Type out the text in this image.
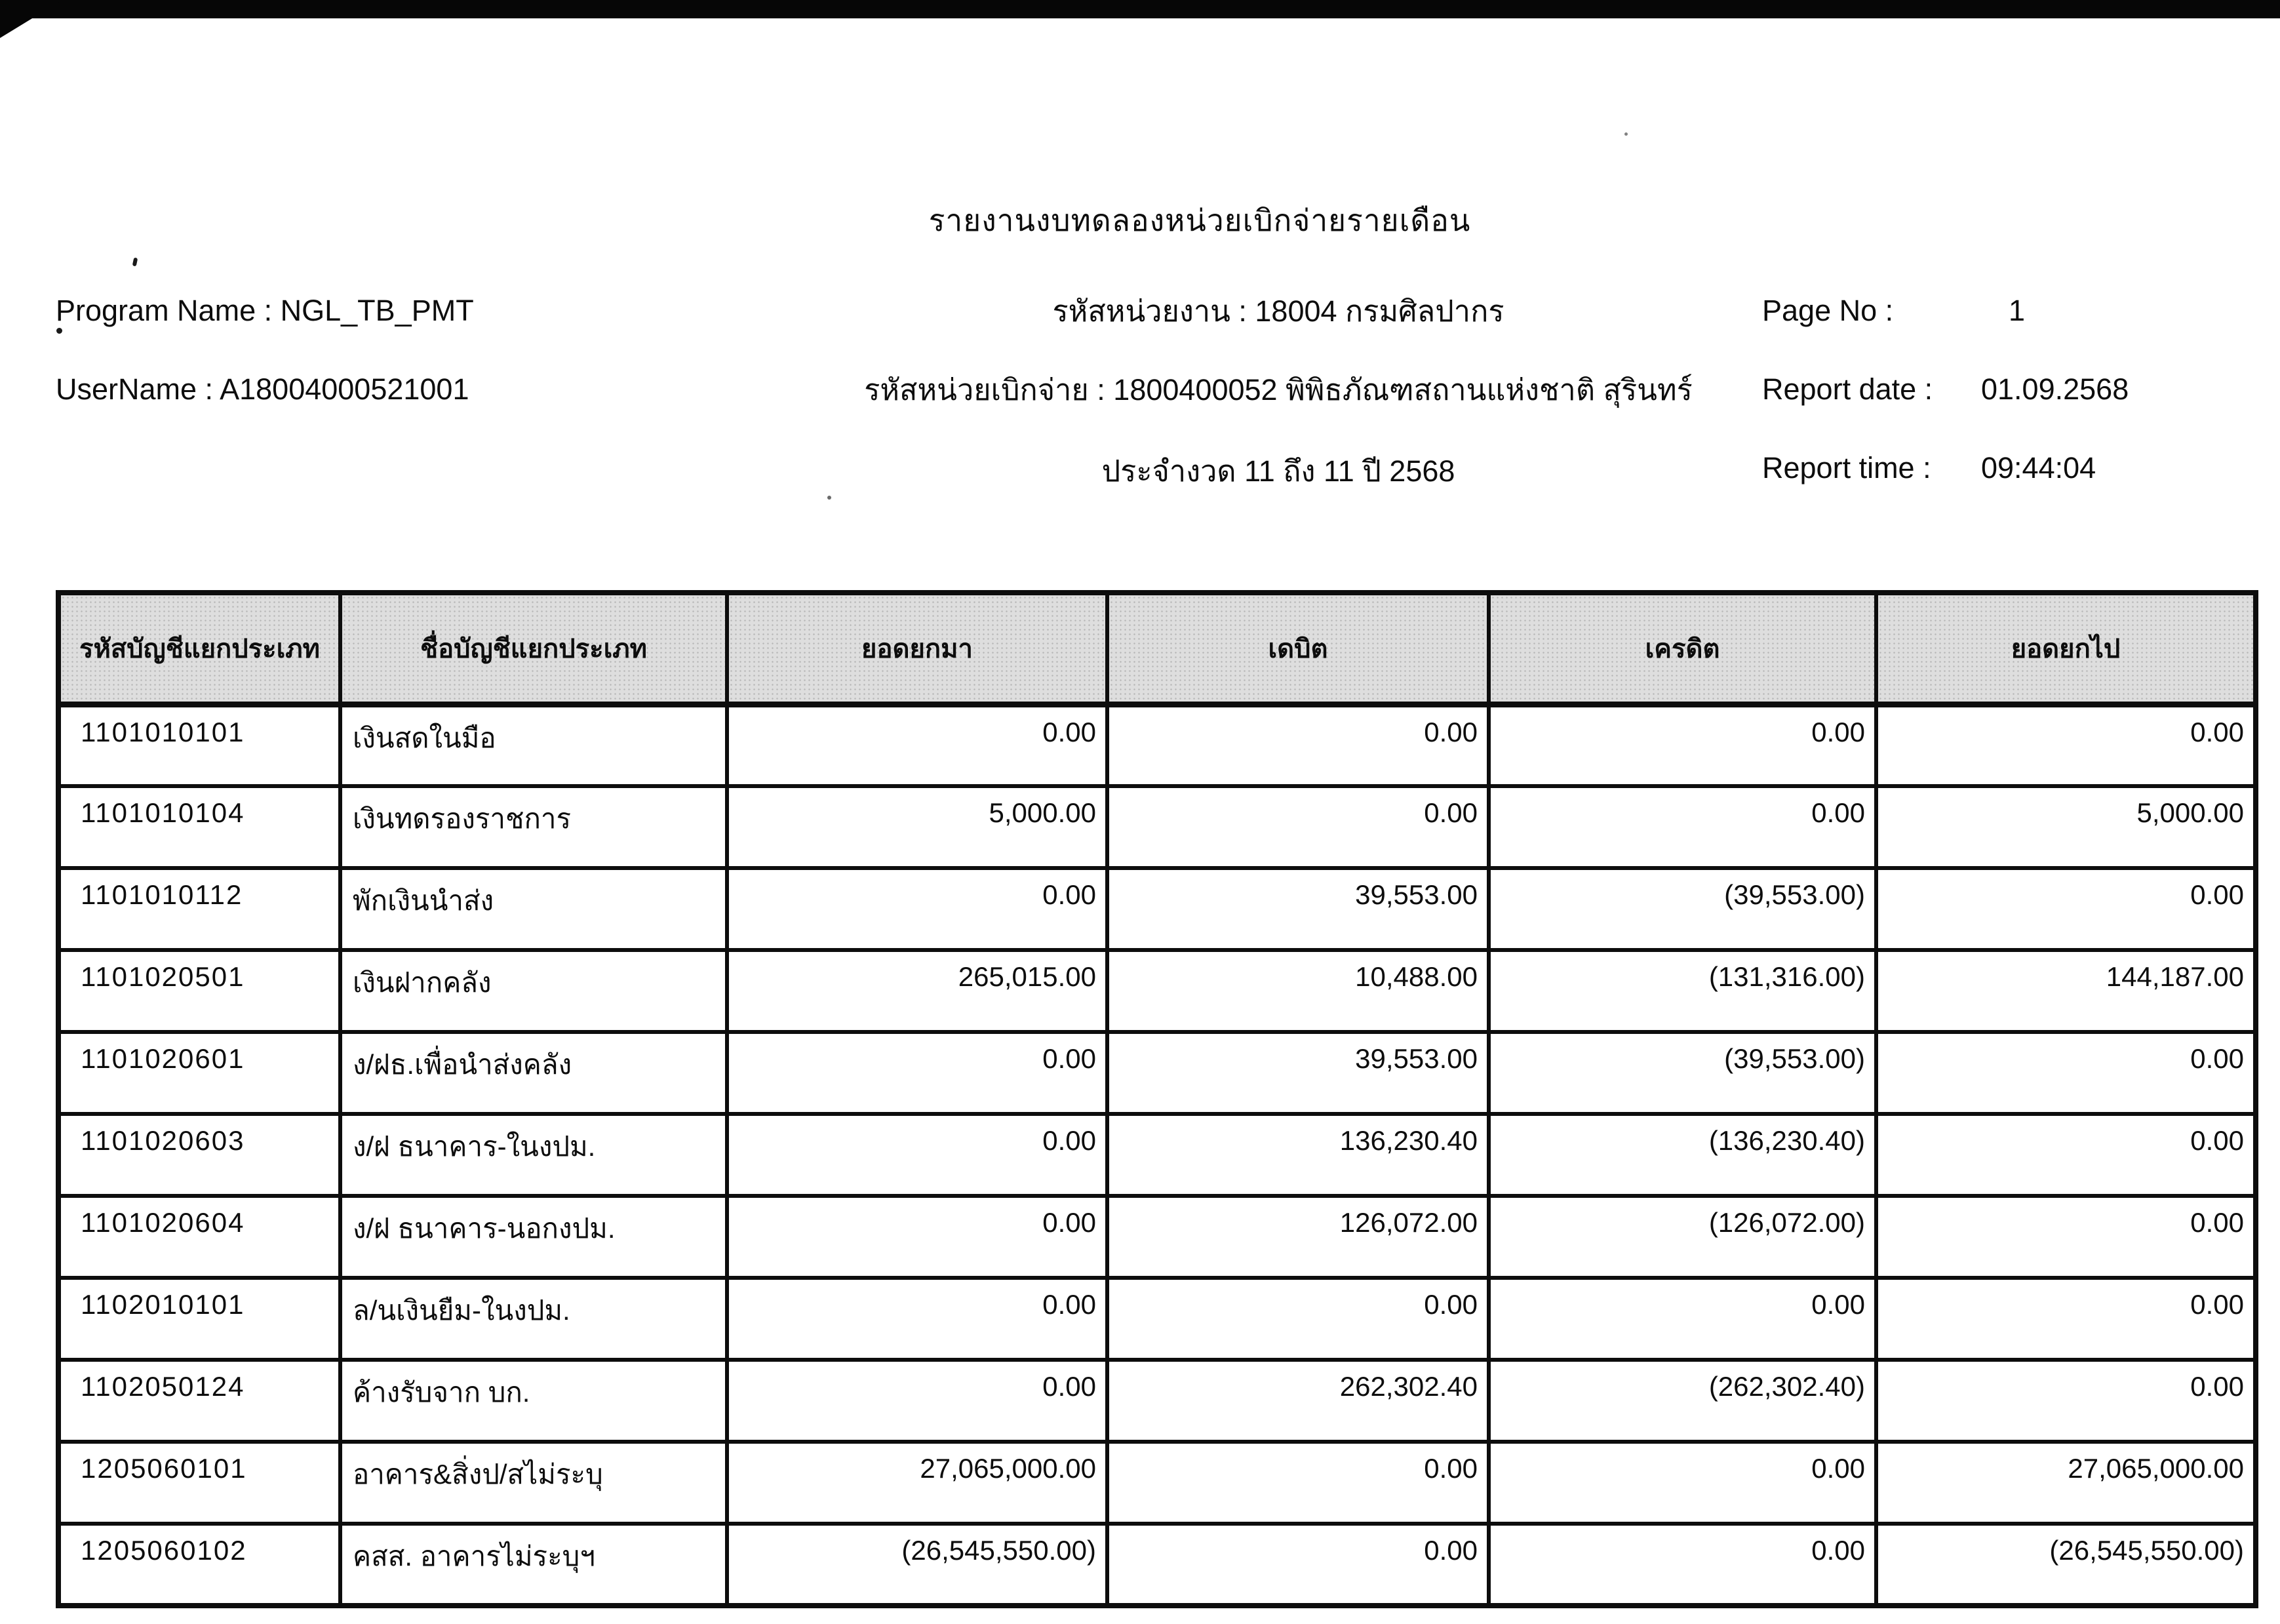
รายงานงบทดลองหน่วยเบิกจ่ายรายเดือน
Program Name : NGL_TB_PMT
UserName : A18004000521001
รหัสหน่วยงาน : 18004 กรมศิลปากร
รหัสหน่วยเบิกจ่าย : 1800400052 พิพิธภัณฑสถานแห่งชาติ สุรินทร์
ประจำงวด 11 ถึง 11 ปี 2568
Page No :	1
Report date : 01.09.2568
Report time : 09:44:04
รหัสบัญชีแยกประเภท	ชื่อบัญชีแยกประเภท	ยอดยกมา	เดบิต	เครดิต	ยอดยกไป
1101010101	เงินสดในมือ	0.00	0.00	0.00	0.00
1101010104	เงินทดรองราชการ	5,000.00	0.00	0.00	5,000.00
1101010112	พักเงินนำส่ง	0.00	39,553.00	(39,553.00)	0.00
1101020501	เงินฝากคลัง	265,015.00	10,488.00	(131,316.00)	144,187.00
1101020601	ง/ฝธ.เพื่อนำส่งคลัง	0.00	39,553.00	(39,553.00)	0.00
1101020603	ง/ฝ ธนาคาร-ในงปม.	0.00	136,230.40	(136,230.40)	0.00
1101020604	ง/ฝ ธนาคาร-นอกงปม.	0.00	126,072.00	(126,072.00)	0.00
1102010101	ล/นเงินยืม-ในงปม.	0.00	0.00	0.00	0.00
1102050124	ค้างรับจาก บก.	0.00	262,302.40	(262,302.40)	0.00
1205060101	อาคาร&สิ่งป/สไม่ระบุ	27,065,000.00	0.00	0.00	27,065,000.00
1205060102	คสส. อาคารไม่ระบุฯ	(26,545,550.00)	0.00	0.00	(26,545,550.00)
